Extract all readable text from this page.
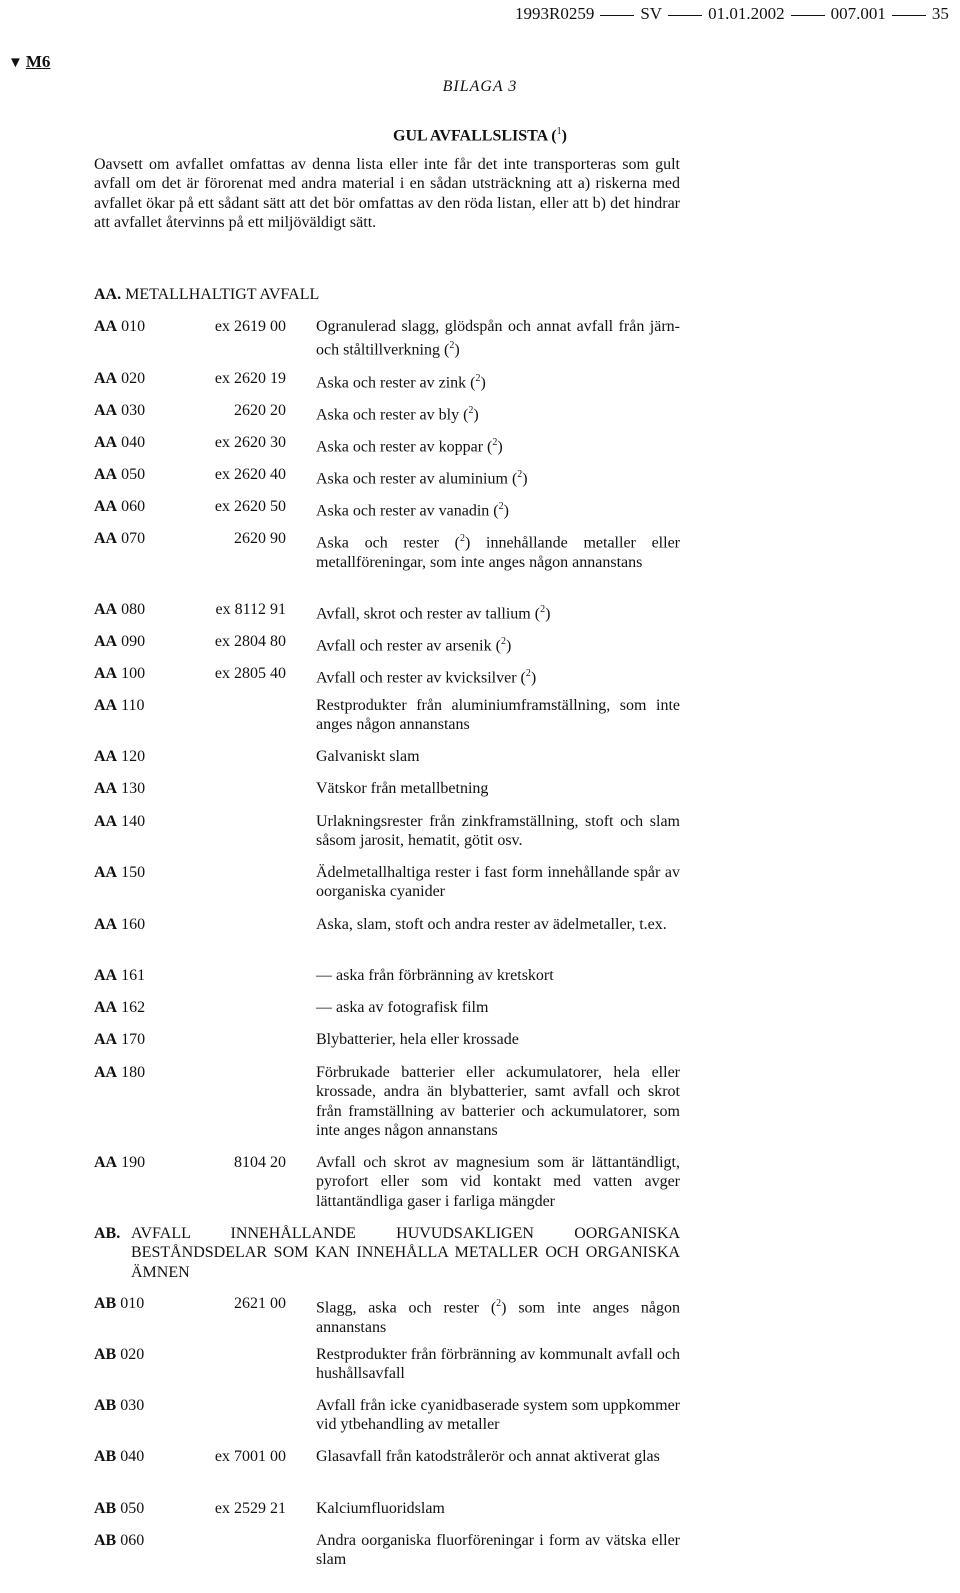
1993R0259	SV	01.01.2002	007.001	35
▼ M6
BILAGA 3
GUL AVFALLSLISTA ($^1$)
Oavsett om avfallet omfattas av denna lista eller inte får det inte transporteras som gult avfall om det är förorenat med andra material i en sådan utsträckning att a) riskerna med avfallet ökar på ett sådant sätt att det bör omfattas av den röda listan, eller att b) det hindrar att avfallet återvinns på ett miljöväldigt sätt.
AA. METALLHALTIGT AVFALL
AB. AVFALL INNEHÅLLANDE HUVUDSAKLIGEN OORGANISKA BESTÅNDSDELAR SOM KAN INNEHÅLLA METALLER OCH ORGANISKA ÄMNEN
AA 010	ex 2619 00 Ogranulerad slagg, glödspån och annat avfall från järn- och ståltillverkning ($^2$)
AA 020	ex 2620 19 Aska och rester av zink ($^2$)
AA 030	2620 20 Aska och rester av bly ($^2$)
AA 040	ex 2620 30 Aska och rester av koppar ($^2$)
AA 050	ex 2620 40 Aska och rester av aluminium ($^2$)
AA 060	ex 2620 50 Aska och rester av vanadin ($^2$)
AA 070	2620 90 Aska och rester ($^2$) innehållande metaller eller metallföreningar, som inte anges någon annanstans
AA 080	ex 8112 91 Avfall, skrot och rester av tallium ($^2$)
AA 090	ex 2804 80 Avfall och rester av arsenik ($^2$)
AA 100	ex 2805 40 Avfall och rester av kvicksilver ($^2$)
AA 110	Restprodukter från aluminiumframställning, som inte anges någon annanstans
AA 120	Galvaniskt slam
AA 130	Vätskor från metallbetning
AA 140	Urlakningsrester från zinkframställning, stoft och slam såsom jarosit, hematit, götit osv.
AA 150	Ädelmetallhaltiga rester i fast form innehållande spår av oorganiska cyanider
AA 160	Aska, slam, stoft och andra rester av ädelmetaller, t.ex.
AA 161	— aska från förbränning av kretskort
AA 162	— aska av fotografisk film
AA 170	Blybatterier, hela eller krossade
AA 180	Förbrukade batterier eller ackumulatorer, hela eller krossade, andra än blybatterier, samt avfall och skrot från framställning av batterier och ackumulatorer, som inte anges någon annanstans
AA 190	8104 20 Avfall och skrot av magnesium som är lättantändligt, pyrofort eller som vid kontakt med vatten avger lättantändliga gaser i farliga mängder
AB 010	2621 00 Slagg, aska och rester ($^2$) som inte anges någon annanstans
AB 020	Restprodukter från förbränning av kommunalt avfall och hushållsavfall
AB 030	Avfall från icke cyanidbaserade system som uppkommer vid ytbehandling av metaller
AB 040	ex 7001 00 Glasavfall från katodstrålerör och annat aktiverat glas
AB 050	ex 2529 21 Kalciumfluoridslam
AB 060	Andra oorganiska fluorföreningar i form av vätska eller slam
